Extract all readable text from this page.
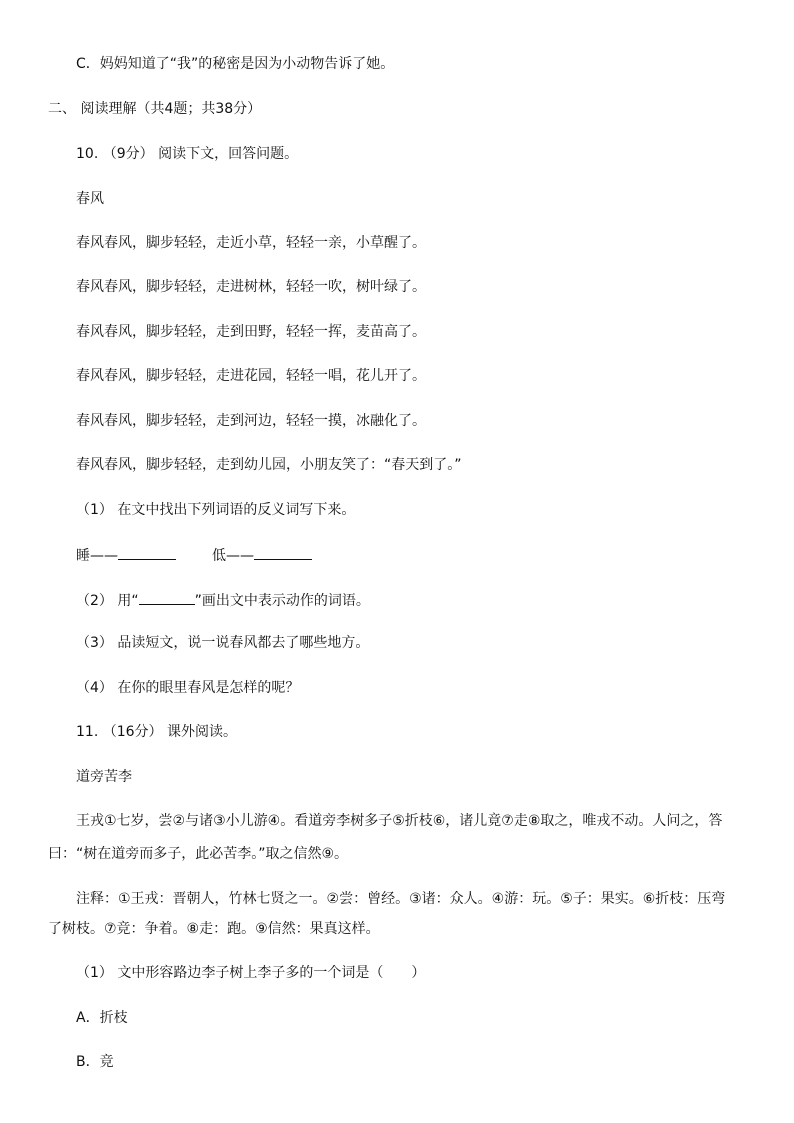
C．妈妈知道了“我”的秘密是因为小动物告诉了她。
二、 阅读理解（共4题；共38分）
10. （9分） 阅读下文，回答问题。
春风
春风春风，脚步轻轻，走近小草，轻轻一亲，小草醒了。
春风春风，脚步轻轻，走进树林，轻轻一吹，树叶绿了。
春风春风，脚步轻轻，走到田野，轻轻一挥，麦苗高了。
春风春风，脚步轻轻，走进花园，轻轻一唱，花儿开了。
春风春风，脚步轻轻，走到河边，轻轻一摸，冰融化了。
春风春风，脚步轻轻，走到幼儿园，小朋友笑了：“春天到了。”
（1） 在文中找出下列词语的反义词写下来。
睡——	低——
（2） 用“	”画出文中表示动作的词语。
（3） 品读短文，说一说春风都去了哪些地方。
（4） 在你的眼里春风是怎样的呢？
11. （16分） 课外阅读。
道旁苦李
王戎①七岁，尝②与诸③小儿游④。看道旁李树多子⑤折枝⑥，诸儿竟⑦走⑧取之，唯戎不动。人问之，答
曰：“树在道旁而多子，此必苦李。”取之信然⑨。
注释：①王戎：晋朝人，竹林七贤之一。②尝：曾经。③诸：众人。④游：玩。⑤子：果实。⑥折枝：压弯
了树枝。⑦竞：争着。⑧走：跑。⑨信然：果真这样。
（1） 文中形容路边李子树上李子多的一个词是（　　）
A．折枝
B．竞
